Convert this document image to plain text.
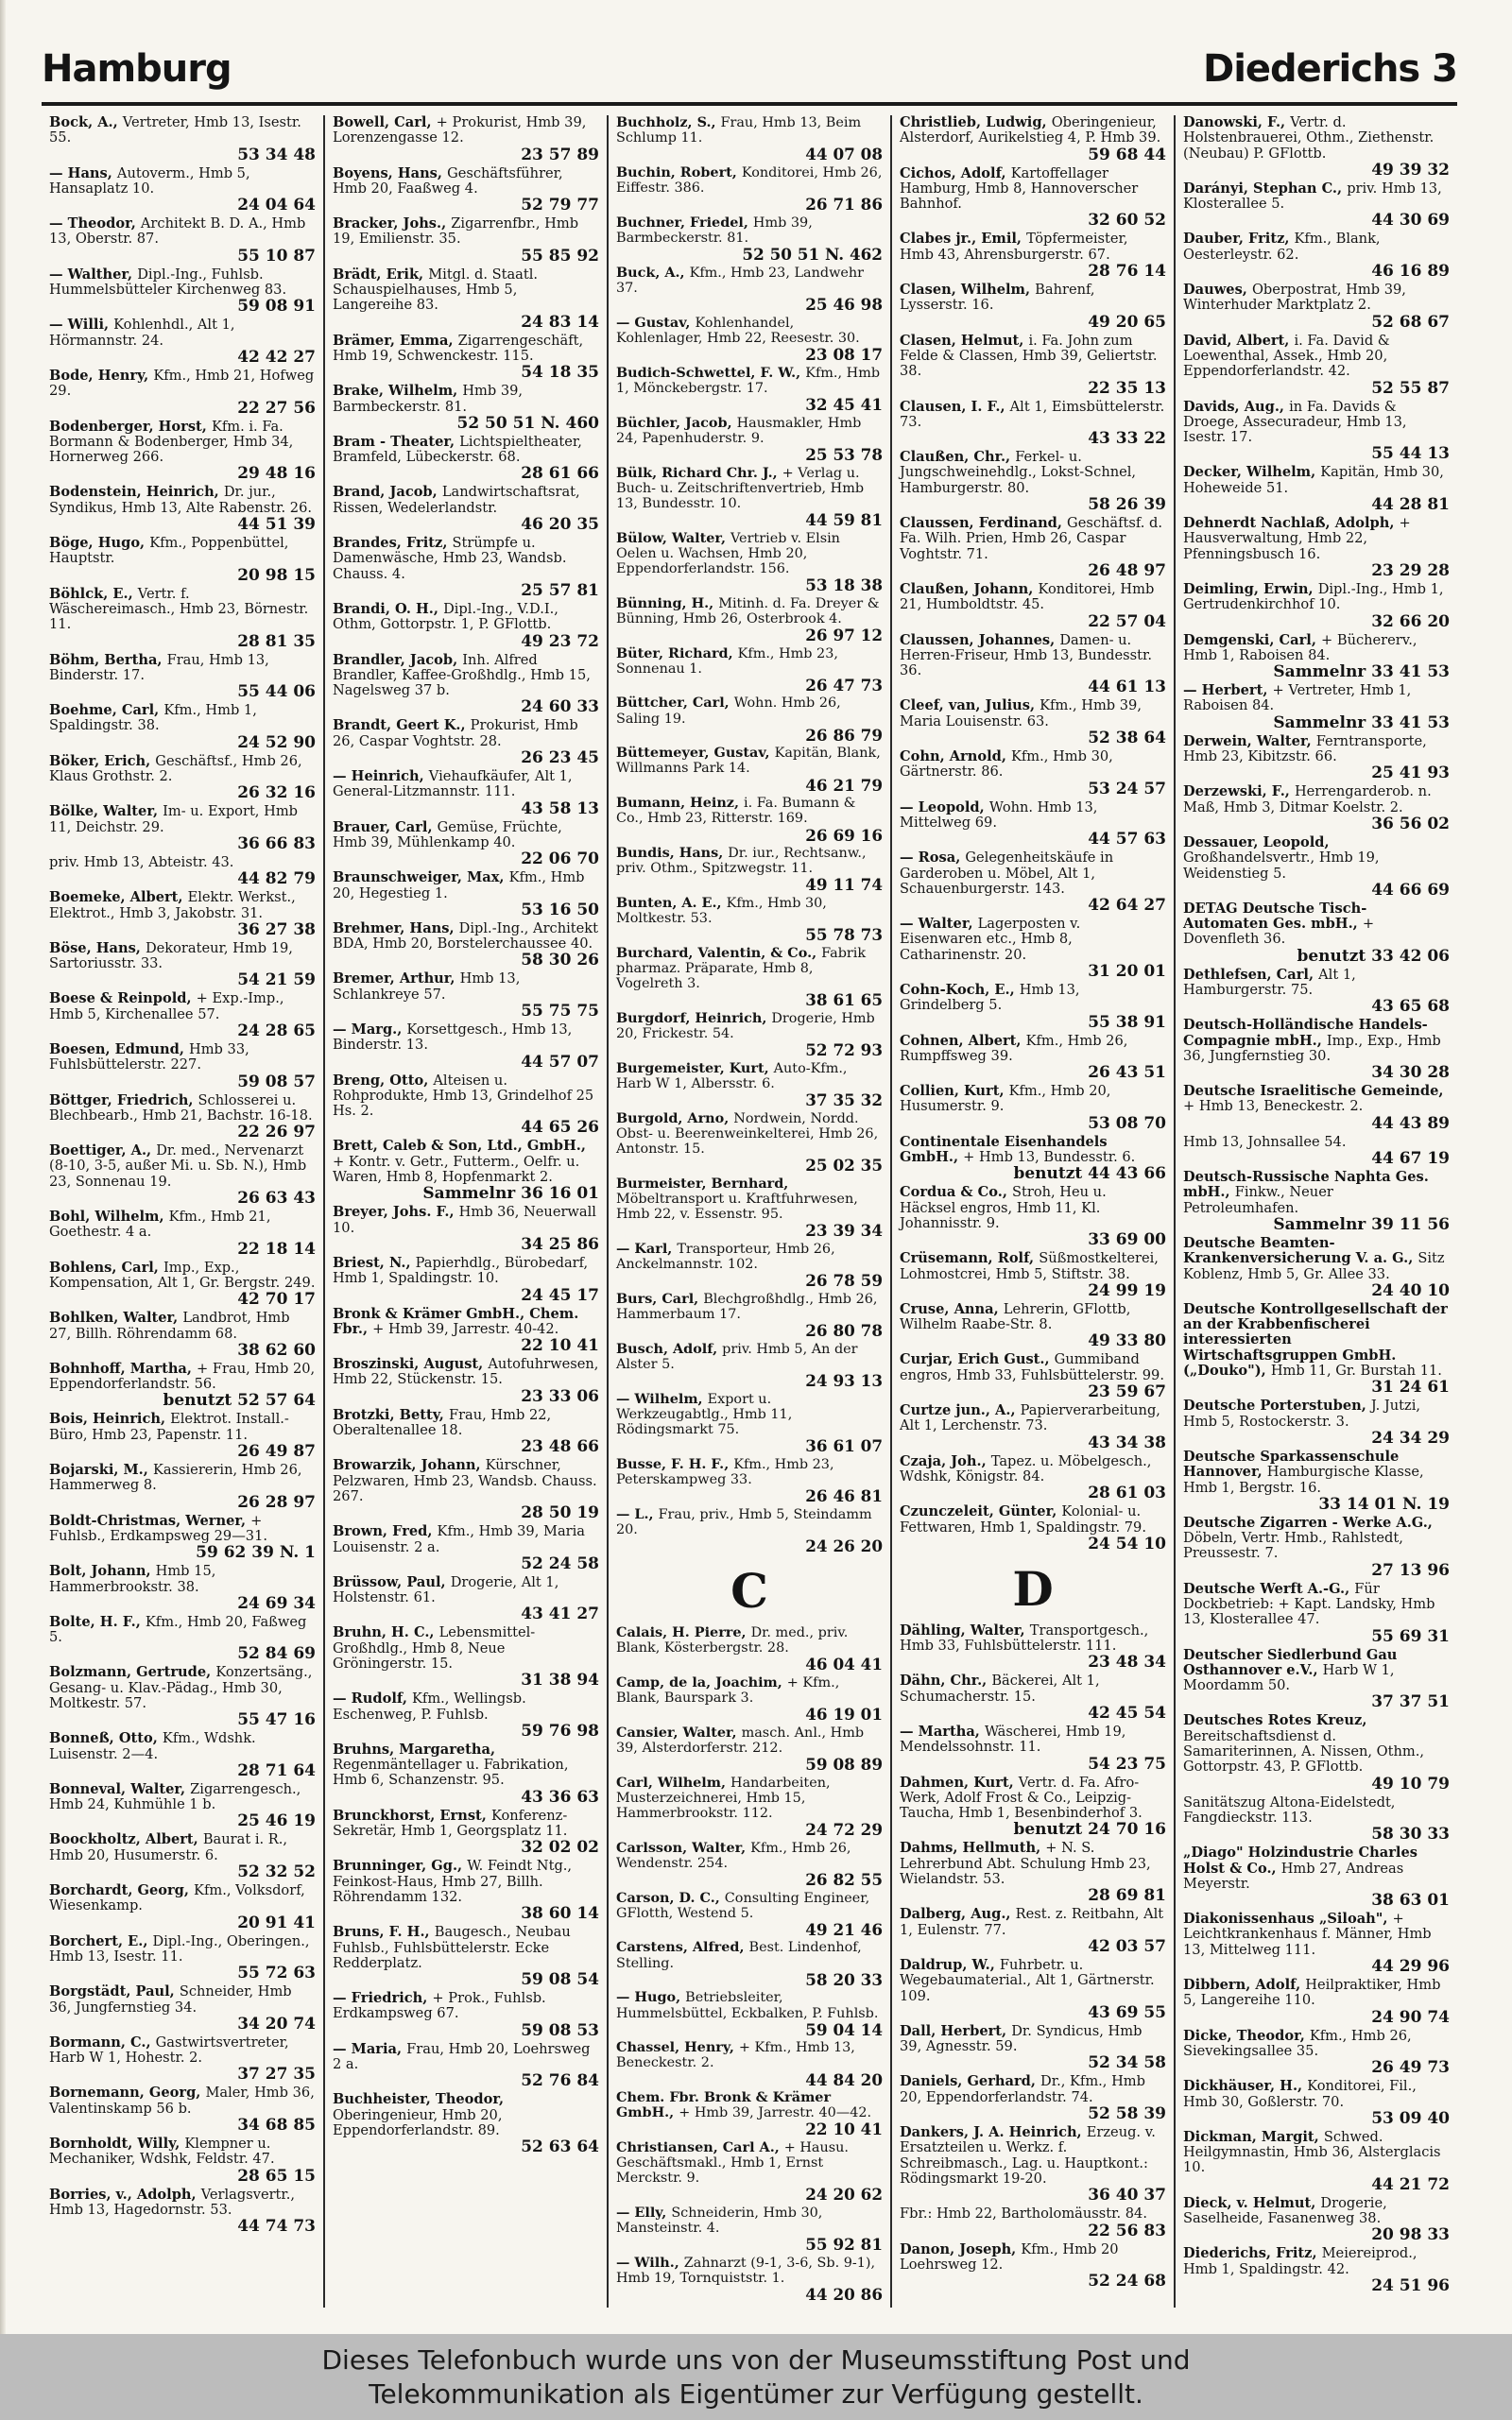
Hamburg	Diederichs 3
Bock, A., Vertreter, Hmb 13, Isestr. 55.
53 34 48
— Hans, Autoverm., Hmb 5, Hansaplatz 10.
24 04 64
— Theodor, Architekt B. D. A., Hmb 13, Oberstr. 87.
55 10 87
— Walther, Dipl.-Ing., Fuhlsb. Hummelsbütteler Kirchenweg 83.
59 08 91
— Willi, Kohlenhdl., Alt 1, Hörmannstr. 24.
42 42 27
Bode, Henry, Kfm., Hmb 21, Hofweg 29.
22 27 56
Bodenberger, Horst, Kfm. i. Fa. Bormann & Bodenberger, Hmb 34, Hornerweg 266.
29 48 16
Bodenstein, Heinrich, Dr. jur., Syndikus, Hmb 13, Alte Rabenstr. 26.
44 51 39
Böge, Hugo, Kfm., Poppenbüttel, Hauptstr.
20 98 15
Böhlck, E., Vertr. f. Wäschereimasch., Hmb 23, Börnestr. 11.
28 81 35
Böhm, Bertha, Frau, Hmb 13, Binderstr. 17.
55 44 06
Boehme, Carl, Kfm., Hmb 1, Spaldingstr. 38.
24 52 90
Böker, Erich, Geschäftsf., Hmb 26, Klaus Grothstr. 2.
26 32 16
Bölke, Walter, Im- u. Export, Hmb 11, Deichstr. 29.
36 66 83
priv. Hmb 13, Abteistr. 43.
44 82 79
Boemeke, Albert, Elektr. Werkst., Elektrot., Hmb 3, Jakobstr. 31.
36 27 38
Böse, Hans, Dekorateur, Hmb 19, Sartoriusstr. 33.
54 21 59
Boese & Reinpold, + Exp.-Imp., Hmb 5, Kirchenallee 57.
24 28 65
Boesen, Edmund, Hmb 33, Fuhlsbüttelerstr. 227.
59 08 57
Böttger, Friedrich, Schlosserei u. Blechbearb., Hmb 21, Bachstr. 16-18.
22 26 97
Boettiger, A., Dr. med., Nervenarzt (8-10, 3-5, außer Mi. u. Sb. N.), Hmb 23, Sonnenau 19.
26 63 43
Bohl, Wilhelm, Kfm., Hmb 21, Goethestr. 4 a.
22 18 14
Bohlens, Carl, Imp., Exp., Kompensation, Alt 1, Gr. Bergstr. 249.
42 70 17
Bohlken, Walter, Landbrot, Hmb 27, Billh. Röhrendamm 68.
38 62 60
Bohnhoff, Martha, + Frau, Hmb 20, Eppendorferlandstr. 56.
benutzt 52 57 64
Bois, Heinrich, Elektrot. Install.-Büro, Hmb 23, Papenstr. 11.
26 49 87
Bojarski, M., Kassiererin, Hmb 26, Hammerweg 8.
26 28 97
Boldt-Christmas, Werner, + Fuhlsb., Erdkampsweg 29—31.
59 62 39 N. 1
Bolt, Johann, Hmb 15, Hammerbrookstr. 38.
24 69 34
Bolte, H. F., Kfm., Hmb 20, Faßweg 5.
52 84 69
Bolzmann, Gertrude, Konzertsäng., Gesang- u. Klav.-Pädag., Hmb 30, Moltkestr. 57.
55 47 16
Bonneß, Otto, Kfm., Wdshk. Luisenstr. 2—4.
28 71 64
Bonneval, Walter, Zigarrengesch., Hmb 24, Kuhmühle 1 b.
25 46 19
Boockholtz, Albert, Baurat i. R., Hmb 20, Husumerstr. 6.
52 32 52
Borchardt, Georg, Kfm., Volksdorf, Wiesenkamp.
20 91 41
Borchert, E., Dipl.-Ing., Oberingen., Hmb 13, Isestr. 11.
55 72 63
Borgstädt, Paul, Schneider, Hmb 36, Jungfernstieg 34.
34 20 74
Bormann, C., Gastwirtsvertreter, Harb W 1, Hohestr. 2.
37 27 35
Bornemann, Georg, Maler, Hmb 36, Valentinskamp 56 b.
34 68 85
Bornholdt, Willy, Klempner u. Mechaniker, Wdshk, Feldstr. 47.
28 65 15
Borries, v., Adolph, Verlagsvertr., Hmb 13, Hagedornstr. 53.
44 74 73
Bowell, Carl, + Prokurist, Hmb 39, Lorenzengasse 12.
23 57 89
Boyens, Hans, Geschäftsführer, Hmb 20, Faaßweg 4.
52 79 77
Bracker, Johs., Zigarrenfbr., Hmb 19, Emilienstr. 35.
55 85 92
Brädt, Erik, Mitgl. d. Staatl. Schauspielhauses, Hmb 5, Langereihe 83.
24 83 14
Brämer, Emma, Zigarrengeschäft, Hmb 19, Schwenckestr. 115.
54 18 35
Brake, Wilhelm, Hmb 39, Barmbeckerstr. 81.
52 50 51 N. 460
Bram - Theater, Lichtspieltheater, Bramfeld, Lübeckerstr. 68.
28 61 66
Brand, Jacob, Landwirtschaftsrat, Rissen, Wedelerlandstr.
46 20 35
Brandes, Fritz, Strümpfe u. Damenwäsche, Hmb 23, Wandsb. Chauss. 4.
25 57 81
Brandi, O. H., Dipl.-Ing., V.D.I., Othm, Gottorpstr. 1, P. GFlottb.
49 23 72
Brandler, Jacob, Inh. Alfred Brandler, Kaffee-Großhdlg., Hmb 15, Nagelsweg 37 b.
24 60 33
Brandt, Geert K., Prokurist, Hmb 26, Caspar Voghtstr. 28.
26 23 45
— Heinrich, Viehaufkäufer, Alt 1, General-Litzmannstr. 111.
43 58 13
Brauer, Carl, Gemüse, Früchte, Hmb 39, Mühlenkamp 40.
22 06 70
Braunschweiger, Max, Kfm., Hmb 20, Hegestieg 1.
53 16 50
Brehmer, Hans, Dipl.-Ing., Architekt BDA, Hmb 20, Borstelerchaussee 40.
58 30 26
Bremer, Arthur, Hmb 13, Schlankreye 57.
55 75 75
— Marg., Korsettgesch., Hmb 13, Binderstr. 13.
44 57 07
Breng, Otto, Alteisen u. Rohprodukte, Hmb 13, Grindelhof 25 Hs. 2.
44 65 26
Brett, Caleb & Son, Ltd., GmbH., + Kontr. v. Getr., Futterm., Oelfr. u. Waren, Hmb 8, Hopfenmarkt 2.
Sammelnr 36 16 01
Breyer, Johs. F., Hmb 36, Neuerwall 10.
34 25 86
Briest, N., Papierhdlg., Bürobedarf, Hmb 1, Spaldingstr. 10.
24 45 17
Bronk & Krämer GmbH., Chem. Fbr., + Hmb 39, Jarrestr. 40-42.
22 10 41
Broszinski, August, Autofuhrwesen, Hmb 22, Stückenstr. 15.
23 33 06
Brotzki, Betty, Frau, Hmb 22, Oberaltenallee 18.
23 48 66
Browarzik, Johann, Kürschner, Pelzwaren, Hmb 23, Wandsb. Chauss. 267.
28 50 19
Brown, Fred, Kfm., Hmb 39, Maria Louisenstr. 2 a.
52 24 58
Brüssow, Paul, Drogerie, Alt 1, Holstenstr. 61.
43 41 27
Bruhn, H. C., Lebensmittel-Großhdlg., Hmb 8, Neue Gröningerstr. 15.
31 38 94
— Rudolf, Kfm., Wellingsb. Eschenweg, P. Fuhlsb.
59 76 98
Bruhns, Margaretha, Regenmäntellager u. Fabrikation, Hmb 6, Schanzenstr. 95.
43 36 63
Brunckhorst, Ernst, Konferenz-Sekretär, Hmb 1, Georgsplatz 11.
32 02 02
Brunninger, Gg., W. Feindt Ntg., Feinkost-Haus, Hmb 27, Billh. Röhrendamm 132.
38 60 14
Bruns, F. H., Baugesch., Neubau Fuhlsb., Fuhlsbüttelerstr. Ecke Redderplatz.
59 08 54
— Friedrich, + Prok., Fuhlsb. Erdkampsweg 67.
59 08 53
— Maria, Frau, Hmb 20, Loehrsweg 2 a.
52 76 84
Buchheister, Theodor, Oberingenieur, Hmb 20, Eppendorferlandstr. 89.
52 63 64
Buchholz, S., Frau, Hmb 13, Beim Schlump 11.
44 07 08
Buchin, Robert, Konditorei, Hmb 26, Eiffestr. 386.
26 71 86
Buchner, Friedel, Hmb 39, Barmbeckerstr. 81.
52 50 51 N. 462
Buck, A., Kfm., Hmb 23, Landwehr 37.
25 46 98
— Gustav, Kohlenhandel, Kohlenlager, Hmb 22, Reesestr. 30.
23 08 17
Budich-Schwettel, F. W., Kfm., Hmb 1, Mönckebergstr. 17.
32 45 41
Büchler, Jacob, Hausmakler, Hmb 24, Papenhuderstr. 9.
25 53 78
Bülk, Richard Chr. J., + Verlag u. Buch- u. Zeitschriftenvertrieb, Hmb 13, Bundesstr. 10.
44 59 81
Bülow, Walter, Vertrieb v. Elsin Oelen u. Wachsen, Hmb 20, Eppendorferlandstr. 156.
53 18 38
Bünning, H., Mitinh. d. Fa. Dreyer & Bünning, Hmb 26, Osterbrook 4.
26 97 12
Büter, Richard, Kfm., Hmb 23, Sonnenau 1.
26 47 73
Büttcher, Carl, Wohn. Hmb 26, Saling 19.
26 86 79
Büttemeyer, Gustav, Kapitän, Blank, Willmanns Park 14.
46 21 79
Bumann, Heinz, i. Fa. Bumann & Co., Hmb 23, Ritterstr. 169.
26 69 16
Bundis, Hans, Dr. iur., Rechtsanw., priv. Othm., Spitzwegstr. 11.
49 11 74
Bunten, A. E., Kfm., Hmb 30, Moltkestr. 53.
55 78 73
Burchard, Valentin, & Co., Fabrik pharmaz. Präparate, Hmb 8, Vogelreth 3.
38 61 65
Burgdorf, Heinrich, Drogerie, Hmb 20, Frickestr. 54.
52 72 93
Burgemeister, Kurt, Auto-Kfm., Harb W 1, Albersstr. 6.
37 35 32
Burgold, Arno, Nordwein, Nordd. Obst- u. Beerenweinkelterei, Hmb 26, Antonstr. 15.
25 02 35
Burmeister, Bernhard, Möbeltransport u. Kraftfuhrwesen, Hmb 22, v. Essenstr. 95.
23 39 34
— Karl, Transporteur, Hmb 26, Anckelmannstr. 102.
26 78 59
Burs, Carl, Blechgroßhdlg., Hmb 26, Hammerbaum 17.
26 80 78
Busch, Adolf, priv. Hmb 5, An der Alster 5.
24 93 13
— Wilhelm, Export u. Werkzeugabtlg., Hmb 11, Rödingsmarkt 75.
36 61 07
Busse, F. H. F., Kfm., Hmb 23, Peterskampweg 33.
26 46 81
— L., Frau, priv., Hmb 5, Steindamm 20.
24 26 20
C
Calais, H. Pierre, Dr. med., priv. Blank, Kösterbergstr. 28.
46 04 41
Camp, de la, Joachim, + Kfm., Blank, Baurspark 3.
46 19 01
Cansier, Walter, masch. Anl., Hmb 39, Alsterdorferstr. 212.
59 08 89
Carl, Wilhelm, Handarbeiten, Musterzeichnerei, Hmb 15, Hammerbrookstr. 112.
24 72 29
Carlsson, Walter, Kfm., Hmb 26, Wendenstr. 254.
26 82 55
Carson, D. C., Consulting Engineer, GFlotth, Westend 5.
49 21 46
Carstens, Alfred, Best. Lindenhof, Stelling.
58 20 33
— Hugo, Betriebsleiter, Hummelsbüttel, Eckbalken, P. Fuhlsb.
59 04 14
Chassel, Henry, + Kfm., Hmb 13, Beneckestr. 2.
44 84 20
Chem. Fbr. Bronk & Krämer GmbH., + Hmb 39, Jarrestr. 40—42.
22 10 41
Christiansen, Carl A., + Hausu. Geschäftsmakl., Hmb 1, Ernst Merckstr. 9.
24 20 62
— Elly, Schneiderin, Hmb 30, Mansteinstr. 4.
55 92 81
— Wilh., Zahnarzt (9-1, 3-6, Sb. 9-1), Hmb 19, Tornquiststr. 1.
44 20 86
Christlieb, Ludwig, Oberingenieur, Alsterdorf, Aurikelstieg 4, P. Hmb 39.
59 68 44
Cichos, Adolf, Kartoffellager Hamburg, Hmb 8, Hannoverscher Bahnhof.
32 60 52
Clabes jr., Emil, Töpfermeister, Hmb 43, Ahrensburgerstr. 67.
28 76 14
Clasen, Wilhelm, Bahrenf, Lysserstr. 16.
49 20 65
Clasen, Helmut, i. Fa. John zum Felde & Classen, Hmb 39, Geliertstr. 38.
22 35 13
Clausen, I. F., Alt 1, Eimsbüttelerstr. 73.
43 33 22
Claußen, Chr., Ferkel- u. Jungschweinehdlg., Lokst-Schnel, Hamburgerstr. 80.
58 26 39
Claussen, Ferdinand, Geschäftsf. d. Fa. Wilh. Prien, Hmb 26, Caspar Voghtstr. 71.
26 48 97
Claußen, Johann, Konditorei, Hmb 21, Humboldtstr. 45.
22 57 04
Claussen, Johannes, Damen- u. Herren-Friseur, Hmb 13, Bundesstr. 36.
44 61 13
Cleef, van, Julius, Kfm., Hmb 39, Maria Louisenstr. 63.
52 38 64
Cohn, Arnold, Kfm., Hmb 30, Gärtnerstr. 86.
53 24 57
— Leopold, Wohn. Hmb 13, Mittelweg 69.
44 57 63
— Rosa, Gelegenheitskäufe in Garderoben u. Möbel, Alt 1, Schauenburgerstr. 143.
42 64 27
— Walter, Lagerposten v. Eisenwaren etc., Hmb 8, Catharinenstr. 20.
31 20 01
Cohn-Koch, E., Hmb 13, Grindelberg 5.
55 38 91
Cohnen, Albert, Kfm., Hmb 26, Rumpffsweg 39.
26 43 51
Collien, Kurt, Kfm., Hmb 20, Husumerstr. 9.
53 08 70
Continentale Eisenhandels GmbH., + Hmb 13, Bundesstr. 6.
benutzt 44 43 66
Cordua & Co., Stroh, Heu u. Häcksel engros, Hmb 11, Kl. Johannisstr. 9.
33 69 00
Crüsemann, Rolf, Süßmostkelterei, Lohmostcrei, Hmb 5, Stiftstr. 38.
24 99 19
Cruse, Anna, Lehrerin, GFlottb, Wilhelm Raabe-Str. 8.
49 33 80
Curjar, Erich Gust., Gummiband engros, Hmb 33, Fuhlsbüttelerstr. 99.
23 59 67
Curtze jun., A., Papierverarbeitung, Alt 1, Lerchenstr. 73.
43 34 38
Czaja, Joh., Tapez. u. Möbelgesch., Wdshk, Königstr. 84.
28 61 03
Czunczeleit, Günter, Kolonial- u. Fettwaren, Hmb 1, Spaldingstr. 79.
24 54 10
D
Dähling, Walter, Transportgesch., Hmb 33, Fuhlsbüttelerstr. 111.
23 48 34
Dähn, Chr., Bäckerei, Alt 1, Schumacherstr. 15.
42 45 54
— Martha, Wäscherei, Hmb 19, Mendelssohnstr. 11.
54 23 75
Dahmen, Kurt, Vertr. d. Fa. Afro-Werk, Adolf Frost & Co., Leipzig-Taucha, Hmb 1, Besenbinderhof 3.
benutzt 24 70 16
Dahms, Hellmuth, + N. S. Lehrerbund Abt. Schulung Hmb 23, Wielandstr. 53.
28 69 81
Dalberg, Aug., Rest. z. Reitbahn, Alt 1, Eulenstr. 77.
42 03 57
Daldrup, W., Fuhrbetr. u. Wegebaumaterial., Alt 1, Gärtnerstr. 109.
43 69 55
Dall, Herbert, Dr. Syndicus, Hmb 39, Agnesstr. 59.
52 34 58
Daniels, Gerhard, Dr., Kfm., Hmb 20, Eppendorferlandstr. 74.
52 58 39
Dankers, J. A. Heinrich, Erzeug. v. Ersatzteilen u. Werkz. f. Schreibmasch., Lag. u. Hauptkont.: Rödingsmarkt 19-20.
36 40 37
Fbr.: Hmb 22, Bartholomäusstr. 84.
22 56 83
Danon, Joseph, Kfm., Hmb 20 Loehrsweg 12.
52 24 68
Danowski, F., Vertr. d. Holstenbrauerei, Othm., Ziethenstr. (Neubau) P. GFlottb.
49 39 32
Darányi, Stephan C., priv. Hmb 13, Klosterallee 5.
44 30 69
Dauber, Fritz, Kfm., Blank, Oesterleystr. 62.
46 16 89
Dauwes, Oberpostrat, Hmb 39, Winterhuder Marktplatz 2.
52 68 67
David, Albert, i. Fa. David & Loewenthal, Assek., Hmb 20, Eppendorferlandstr. 42.
52 55 87
Davids, Aug., in Fa. Davids & Droege, Assecuradeur, Hmb 13, Isestr. 17.
55 44 13
Decker, Wilhelm, Kapitän, Hmb 30, Hoheweide 51.
44 28 81
Dehnerdt Nachlaß, Adolph, + Hausverwaltung, Hmb 22, Pfenningsbusch 16.
23 29 28
Deimling, Erwin, Dipl.-Ing., Hmb 1, Gertrudenkirchhof 10.
32 66 20
Demgenski, Carl, + Büchererv., Hmb 1, Raboisen 84.
Sammelnr 33 41 53
— Herbert, + Vertreter, Hmb 1, Raboisen 84.
Sammelnr 33 41 53
Derwein, Walter, Ferntransporte, Hmb 23, Kibitzstr. 66.
25 41 93
Derzewski, F., Herrengarderob. n. Maß, Hmb 3, Ditmar Koelstr. 2.
36 56 02
Dessauer, Leopold, Großhandelsvertr., Hmb 19, Weidenstieg 5.
44 66 69
DETAG Deutsche Tisch-Automaten Ges. mbH., + Dovenfleth 36.
benutzt 33 42 06
Dethlefsen, Carl, Alt 1, Hamburgerstr. 75.
43 65 68
Deutsch-Holländische Handels-Compagnie mbH., Imp., Exp., Hmb 36, Jungfernstieg 30.
34 30 28
Deutsche Israelitische Gemeinde, + Hmb 13, Beneckestr. 2.
44 43 89
Hmb 13, Johnsallee 54.
44 67 19
Deutsch-Russische Naphta Ges. mbH., Finkw., Neuer Petroleumhafen.
Sammelnr 39 11 56
Deutsche Beamten-Krankenversicherung V. a. G., Sitz Koblenz, Hmb 5, Gr. Allee 33.
24 40 10
Deutsche Kontrollgesellschaft der an der Krabbenfischerei interessierten Wirtschaftsgruppen GmbH. („Douko"), Hmb 11, Gr. Burstah 11.
31 24 61
Deutsche Porterstuben, J. Jutzi, Hmb 5, Rostockerstr. 3.
24 34 29
Deutsche Sparkassenschule Hannover, Hamburgische Klasse, Hmb 1, Bergstr. 16.
33 14 01 N. 19
Deutsche Zigarren - Werke A.G., Döbeln, Vertr. Hmb., Rahlstedt, Preussestr. 7.
27 13 96
Deutsche Werft A.-G., Für Dockbetrieb: + Kapt. Landsky, Hmb 13, Klosterallee 47.
55 69 31
Deutscher Siedlerbund Gau Osthannover e.V., Harb W 1, Moordamm 50.
37 37 51
Deutsches Rotes Kreuz, Bereitschaftsdienst d. Samariterinnen, A. Nissen, Othm., Gottorpstr. 43, P. GFlottb.
49 10 79
Sanitätszug Altona-Eidelstedt, Fangdieckstr. 113.
58 30 33
„Diago" Holzindustrie Charles Holst & Co., Hmb 27, Andreas Meyerstr.
38 63 01
Diakonissenhaus „Siloah", + Leichtkrankenhaus f. Männer, Hmb 13, Mittelweg 111.
44 29 96
Dibbern, Adolf, Heilpraktiker, Hmb 5, Langereihe 110.
24 90 74
Dicke, Theodor, Kfm., Hmb 26, Sievekingsallee 35.
26 49 73
Dickhäuser, H., Konditorei, Fil., Hmb 30, Goßlerstr. 70.
53 09 40
Dickman, Margit, Schwed. Heilgymnastin, Hmb 36, Alsterglacis 10.
44 21 72
Dieck, v. Helmut, Drogerie, Saselheide, Fasanenweg 38.
20 98 33
Diederichs, Fritz, Meiereiprod., Hmb 1, Spaldingstr. 42.
24 51 96
Dieses Telefonbuch wurde uns von der Museumsstiftung Post und
Telekommunikation als Eigentümer zur Verfügung gestellt.
